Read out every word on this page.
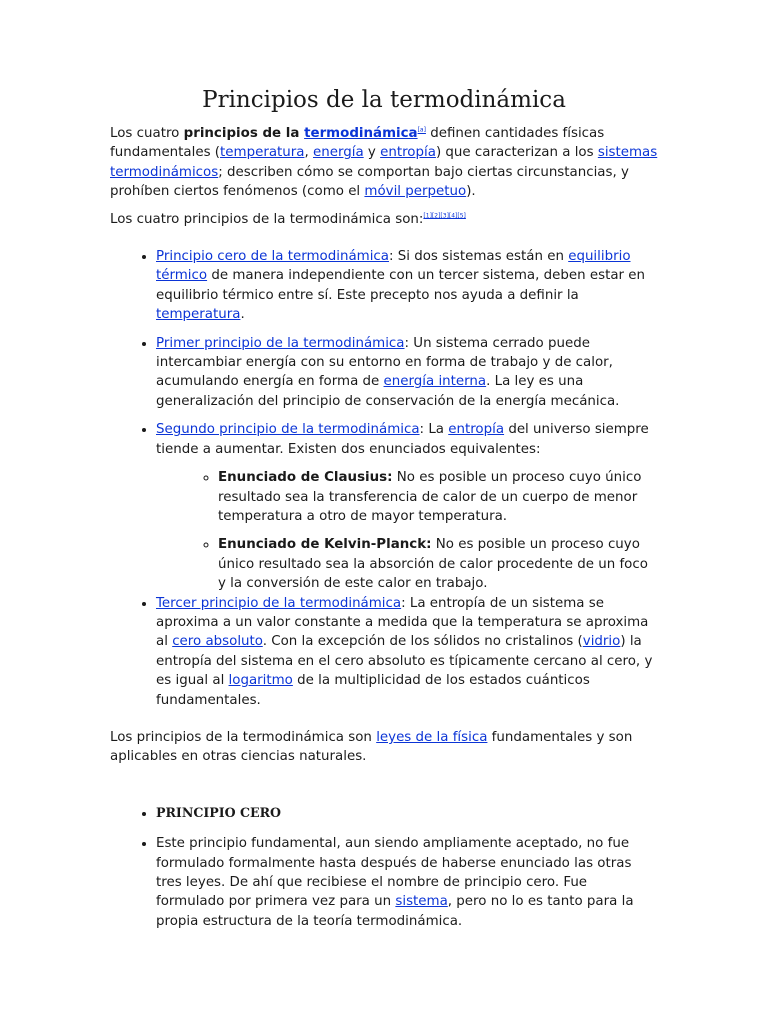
Principios de la termodinámica

Los cuatro principios de la termodinámica[a] definen cantidades físicas fundamentales (temperatura, energía y entropía) que caracterizan a los sistemas termodinámicos; describen cómo se comportan bajo ciertas circunstancias, y prohíben ciertos fenómenos (como el móvil perpetuo).

Los cuatro principios de la termodinámica son:[1][2][3][4][5]

• Principio cero de la termodinámica: Si dos sistemas están en equilibrio térmico de manera independiente con un tercer sistema, deben estar en equilibrio térmico entre sí. Este precepto nos ayuda a definir la temperatura.
• Primer principio de la termodinámica: Un sistema cerrado puede intercambiar energía con su entorno en forma de trabajo y de calor, acumulando energía en forma de energía interna. La ley es una generalización del principio de conservación de la energía mecánica.
• Segundo principio de la termodinámica: La entropía del universo siempre tiende a aumentar. Existen dos enunciados equivalentes:
◦ Enunciado de Clausius: No es posible un proceso cuyo único resultado sea la transferencia de calor de un cuerpo de menor temperatura a otro de mayor temperatura.
◦ Enunciado de Kelvin-Planck: No es posible un proceso cuyo único resultado sea la absorción de calor procedente de un foco y la conversión de este calor en trabajo.
• Tercer principio de la termodinámica: La entropía de un sistema se aproxima a un valor constante a medida que la temperatura se aproxima al cero absoluto. Con la excepción de los sólidos no cristalinos (vidrio) la entropía del sistema en el cero absoluto es típicamente cercano al cero, y es igual al logaritmo de la multiplicidad de los estados cuánticos fundamentales.

Los principios de la termodinámica son leyes de la física fundamentales y son aplicables en otras ciencias naturales.

• PRINCIPIO CERO
• Este principio fundamental, aun siendo ampliamente aceptado, no fue formulado formalmente hasta después de haberse enunciado las otras tres leyes. De ahí que recibiese el nombre de principio cero. Fue formulado por primera vez para un sistema, pero no lo es tanto para la propia estructura de la teoría termodinámica.
